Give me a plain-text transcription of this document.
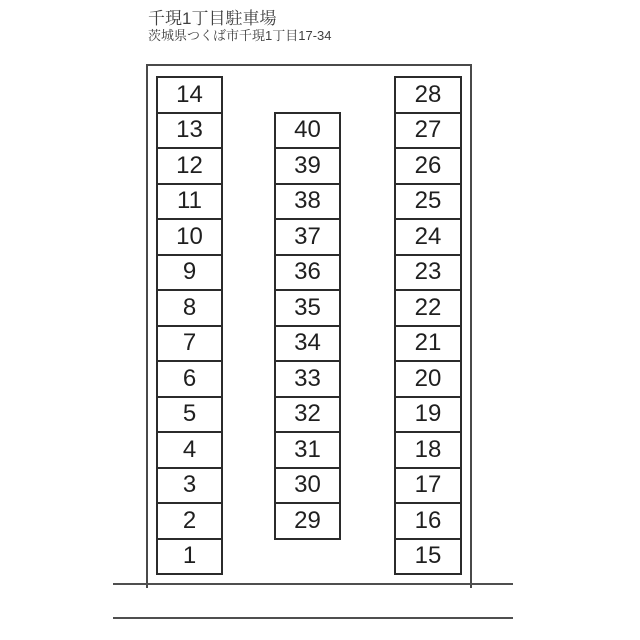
千現1丁目駐車場
茨城県つくば市千現1丁目17-34
14
13
12
11
10
9
8
7
6
5
4
3
2
1
40
39
38
37
36
35
34
33
32
31
30
29
28
27
26
25
24
23
22
21
20
19
18
17
16
15
